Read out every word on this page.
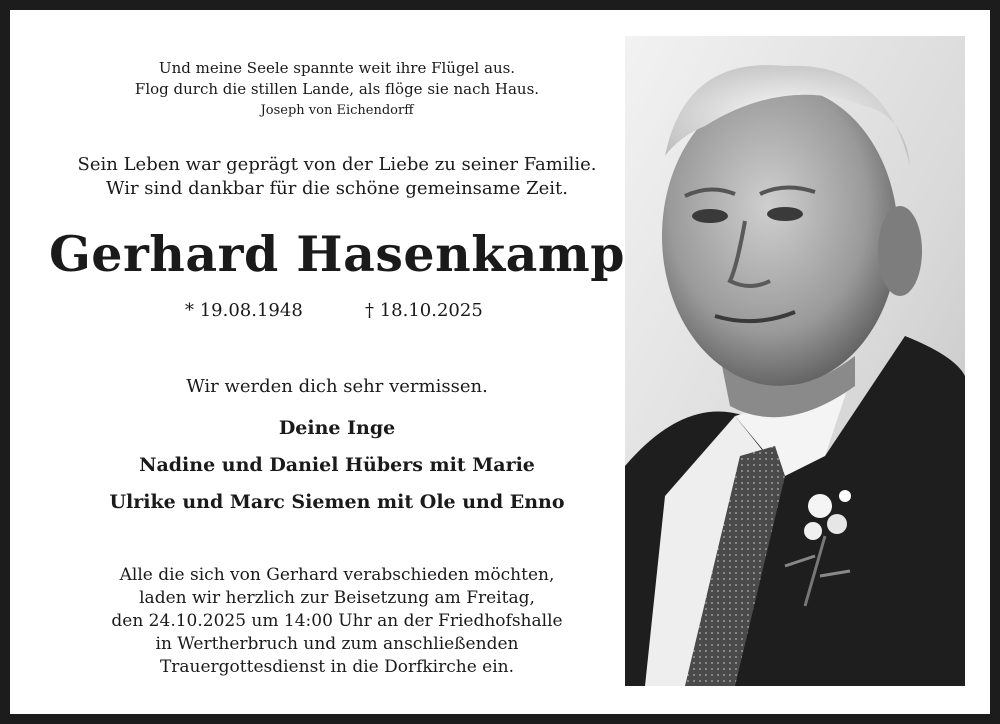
Und meine Seele spannte weit ihre Flügel aus.
Flog durch die stillen Lande, als flöge sie nach Haus.
Joseph von Eichendorff
Sein Leben war geprägt von der Liebe zu seiner Familie.
Wir sind dankbar für die schöne gemeinsame Zeit.
Gerhard Hasenkamp
* 19.08.1948	† 18.10.2025
Wir werden dich sehr vermissen.
Deine Inge
Nadine und Daniel Hübers mit Marie
Ulrike und Marc Siemen mit Ole und Enno
Alle die sich von Gerhard verabschieden möchten,
laden wir herzlich zur Beisetzung am Freitag,
den 24.10.2025 um 14:00 Uhr an der Friedhofshalle
in Wertherbruch und zum anschließenden
Trauergottesdienst in die Dorfkirche ein.
